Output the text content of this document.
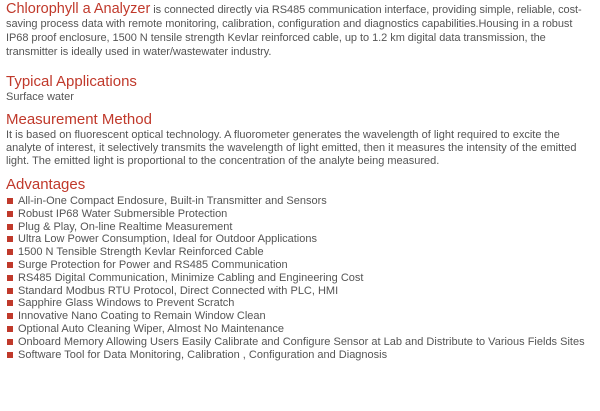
Chlorophyll a Analyzer is connected directly via RS485 communication interface, providing simple, reliable, cost-saving process data with remote monitoring, calibration, configuration and diagnostics capabilities.Housing in a robust IP68 proof enclosure, 1500 N tensile strength Kevlar reinforced cable, up to 1.2 km digital data transmission, the transmitter is ideally used in water/wastewater industry.

Typical Applications

Surface water

Measurement Method

It is based on fluorescent optical technology. A fluorometer generates the wavelength of light required to excite the analyte of interest, it selectively transmits the wavelength of light emitted, then it measures the intensity of the emitted light. The emitted light is proportional to the concentration of the analyte being measured.

Advantages
All-in-One Compact Endosure, Built-in Transmitter and Sensors
Robust IP68 Water Submersible Protection
Plug & Play, On-line Realtime Measurement
Ultra Low Power Consumption, Ideal for Outdoor Applications
1500 N Tensible Strength Kevlar Reinforced Cable
Surge Protection for Power and RS485 Communication
RS485 Digital Communication, Minimize Cabling and Engineering Cost
Standard Modbus RTU Protocol, Direct Connected with PLC, HMI
Sapphire Glass Windows to Prevent Scratch
Innovative Nano Coating to Remain Window Clean
Optional Auto Cleaning Wiper, Almost No Maintenance
Onboard Memory Allowing Users Easily Calibrate and Configure Sensor at Lab and Distribute to Various Fields Sites
Software Tool for Data Monitoring, Calibration , Configuration and Diagnosis
